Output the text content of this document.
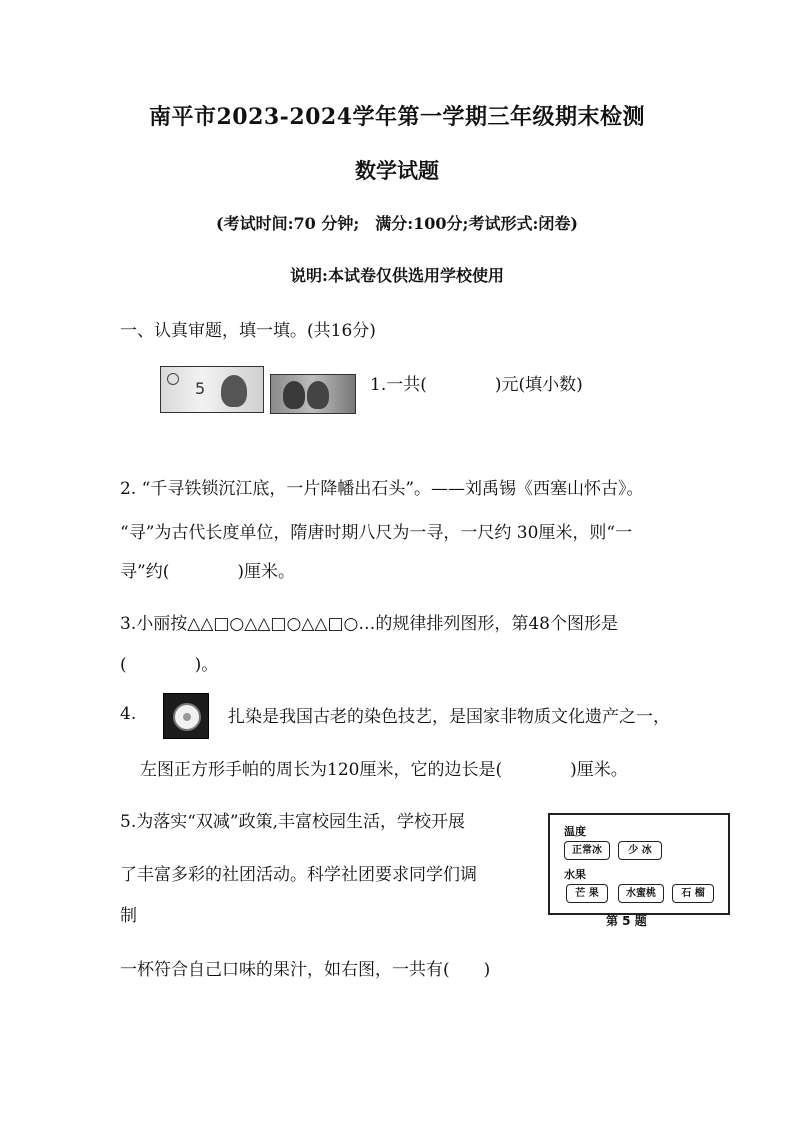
南平市2023-2024学年第一学期三年级期末检测
数学试题
(考试时间:70 分钟;　满分:100分;考试形式:闭卷)
说明:本试卷仅供选用学校使用
一、认真审题，填一填。(共16分)
5	1.一共(　　　　)元(填小数)
2. “千寻铁锁沉江底，一片降幡出石头”。——刘禹锡《西塞山怀古》。
“寻”为古代长度单位，隋唐时期八尺为一寻，一尺约 30厘米，则“一
寻”约(　　　　)厘米。
3.小丽按△△□○△△□○△△□○…的规律排列图形，第48个图形是
(　　　　)。
4.	扎染是我国古老的染色技艺，是国家非物质文化遗产之一，
左图正方形手帕的周长为120厘米，它的边长是(　　　　)厘米。
5.为落实“双减”政策,丰富校园生活，学校开展
了丰富多彩的社团活动。科学社团要求同学们调
制
一杯符合自己口味的果汁，如右图，一共有(　　)
温度
正常冰	少 冰
水果
芒 果	水蜜桃	石 榴
第 5 题
